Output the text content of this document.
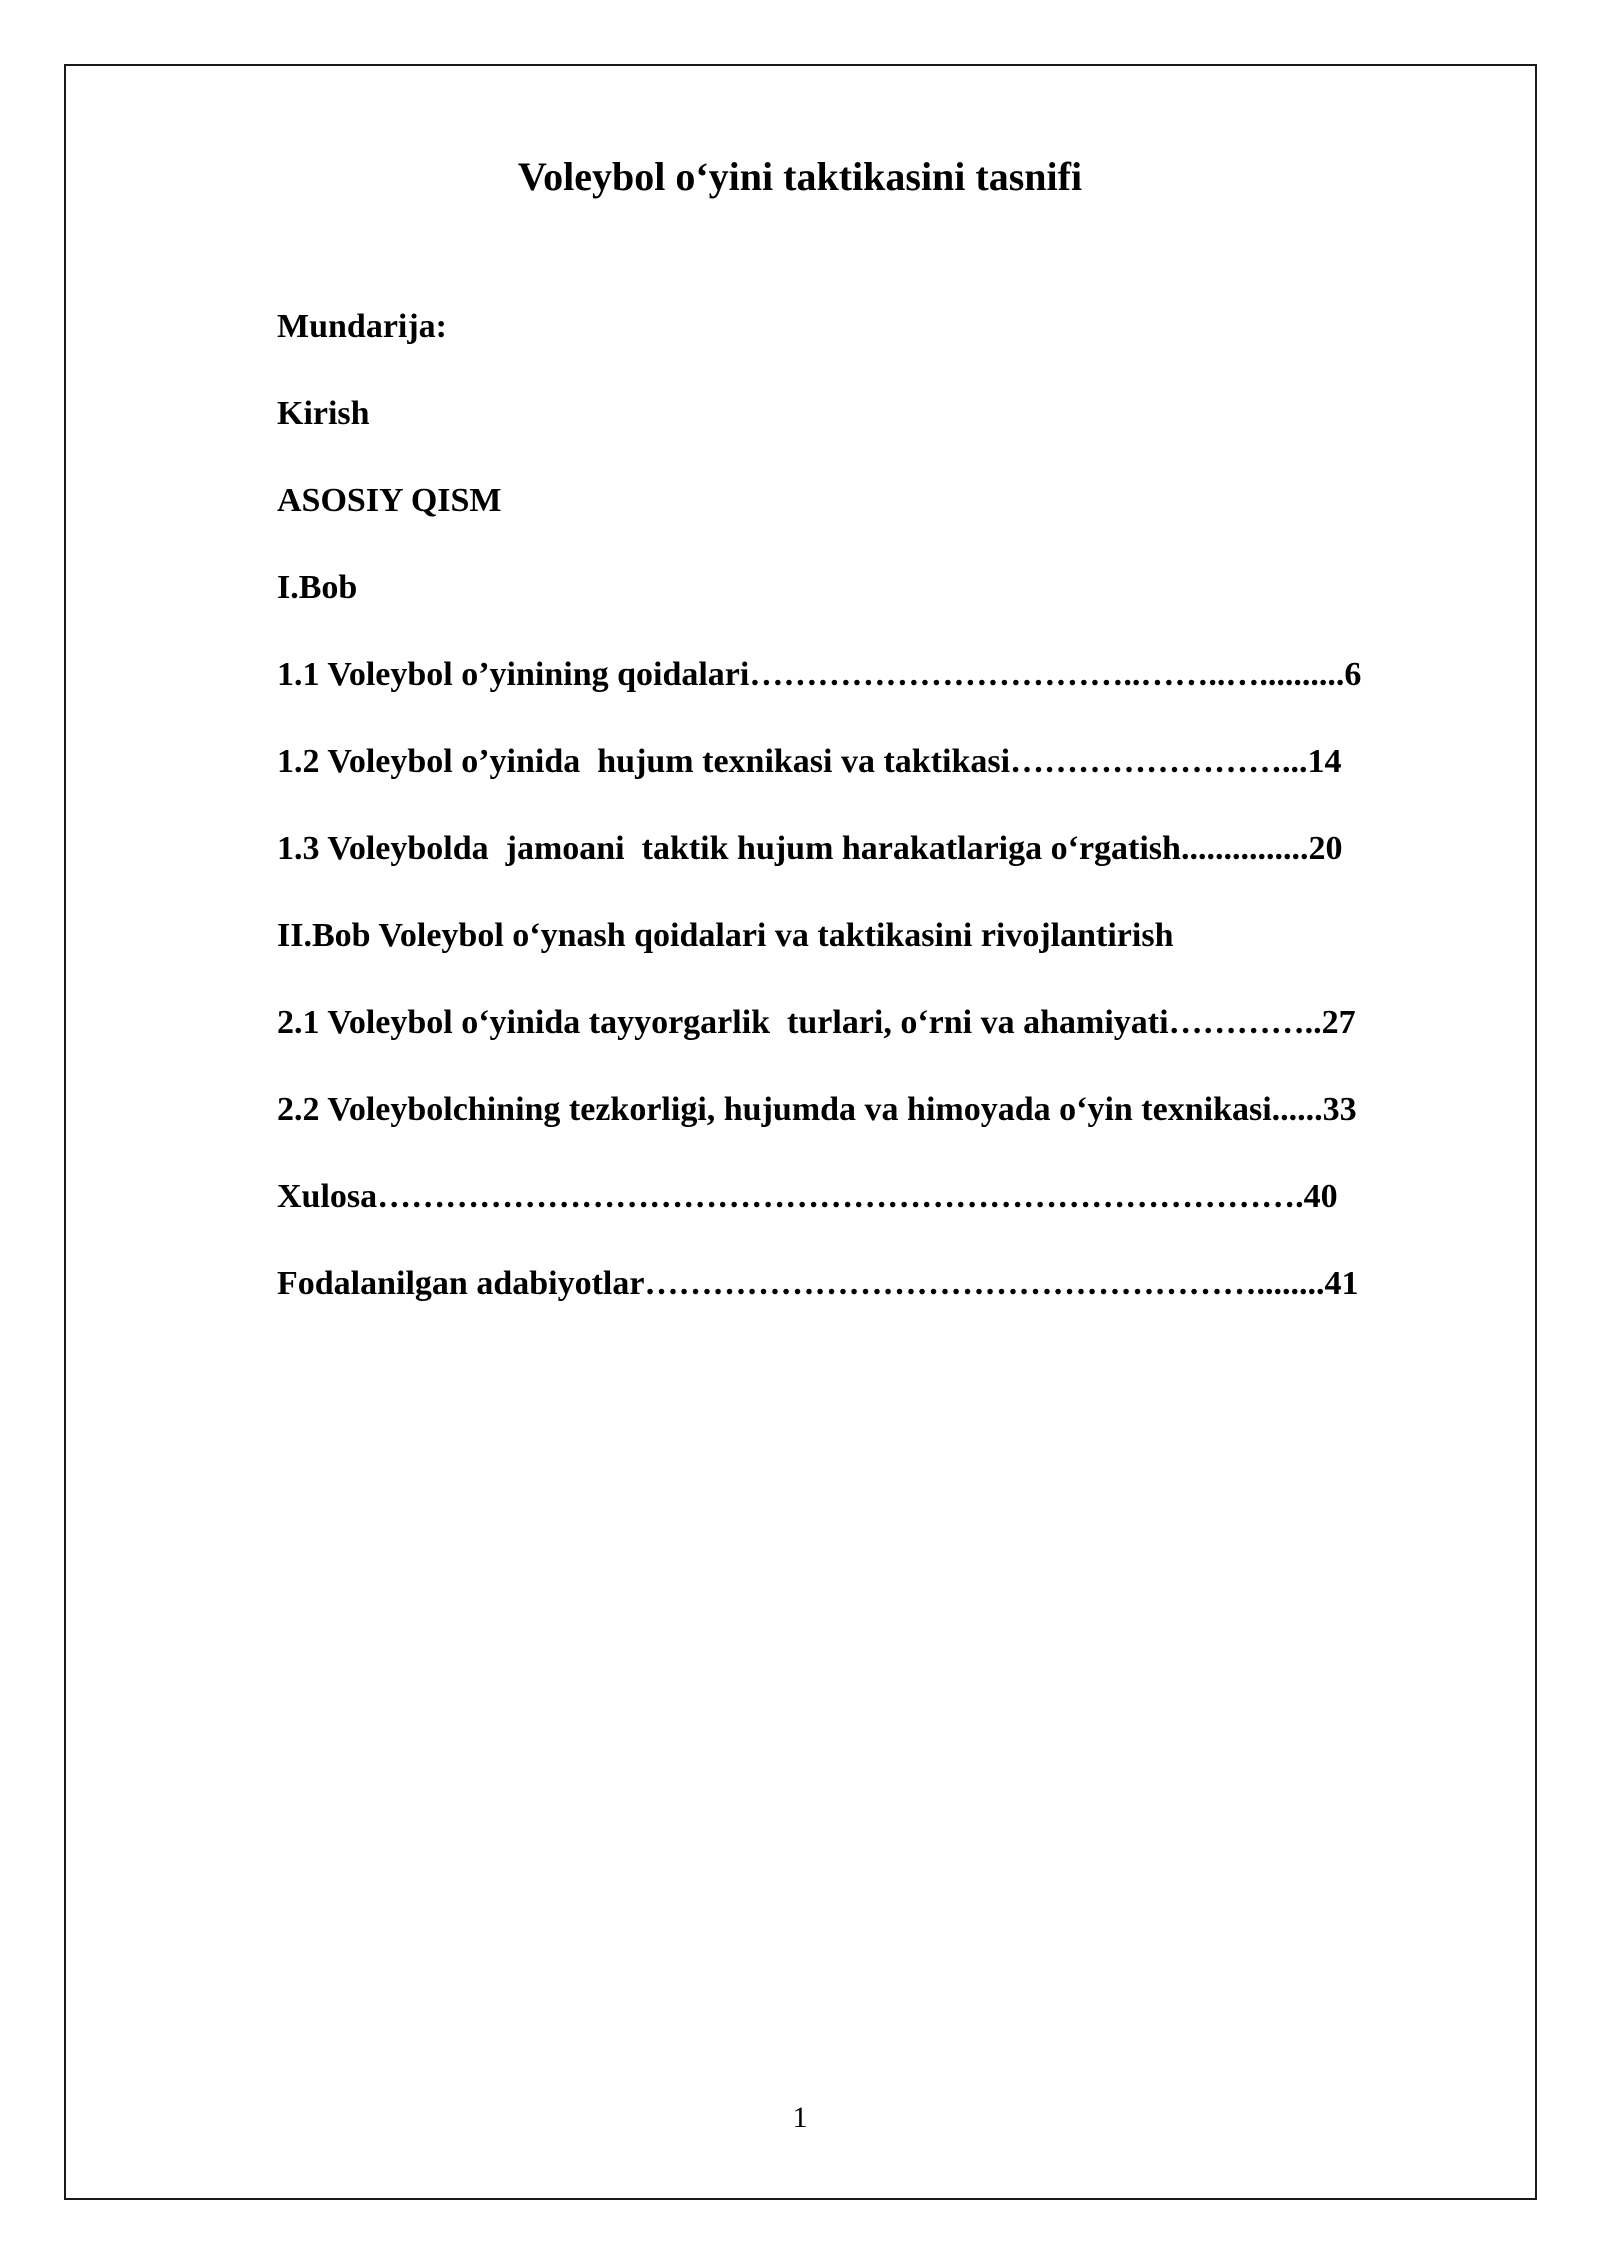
Voleybol o‘yini taktikasini tasnifi
Mundarija:
Kirish
ASOSIY QISM
I.Bob
1.1 Voleybol o’yinining qoidalari……………………………..……..…..........6
1.2 Voleybol o’yinida  hujum texnikasi va taktikasi……………………...14
1.3 Voleybolda  jamoani  taktik hujum harakatlariga o‘rgatish...............20
II.Bob Voleybol o‘ynash qoidalari va taktikasini rivojlantirish
2.1 Voleybol o‘yinida tayyorgarlik  turlari, o‘rni va ahamiyati…………..27
2.2 Voleybolchining tezkorligi, hujumda va himoyada o‘yin texnikasi......33
Xulosa……………………………………………………………………….40
Fodalanilgan adabiyotlar………………………………………………........41
1
